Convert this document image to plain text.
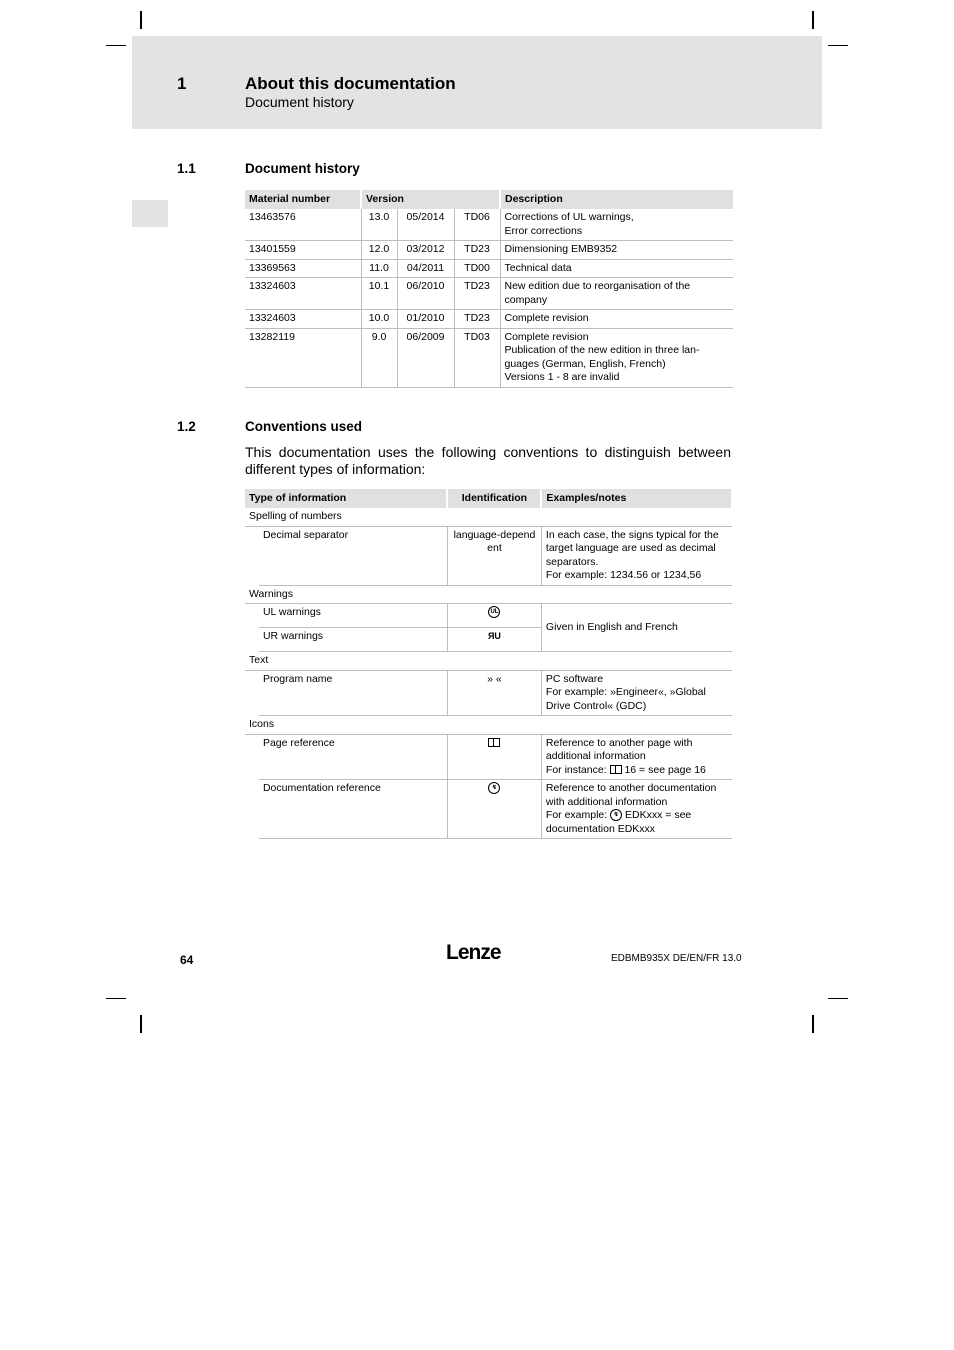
1	About this documentation
Document history
1.1	Document history
Material number	Version			Description
13463576	13.0	05/2014	TD06	Corrections of UL warnings,
Error corrections

13401559	12.0	03/2012	TD23	Dimensioning EMB9352

13369563	11.0	04/2011	TD00	Technical data

13324603	10.1	06/2010	TD23	New edition due to reorganisation of the
company

13324603	10.0	01/2010	TD23	Complete revision

13282119	9.0	06/2009	TD03	Complete revision
Publication of the new edition in three lan-
guages (German, English, French)
Versions 1 - 8 are invalid
1.2	Conventions used
This documentation uses the following conventions to distinguish between different types of information:
Type of information		Identification	Examples/notes
Spelling of numbers			
	Decimal separator	language-dependent	In each case, the signs typical for the
target language are used as decimal
separators.
For example: 1234.56 or 1234,56

Warnings			
	UL warnings	UL	Given in English and French
	UR warnings	ЯU	
Text			
	Program name	» «	PC software
For example: »Engineer«, »Global
Drive Control« (GDC)

Icons			
	Page reference		Reference to another page with
additional information
For instance: 16 = see page 16

	Documentation reference	↯	Reference to another documentation
with additional information
For example: ↯ EDKxxx = see
documentation EDKxxx
64	Lenze	EDBMB935X DE/EN/FR 13.0
